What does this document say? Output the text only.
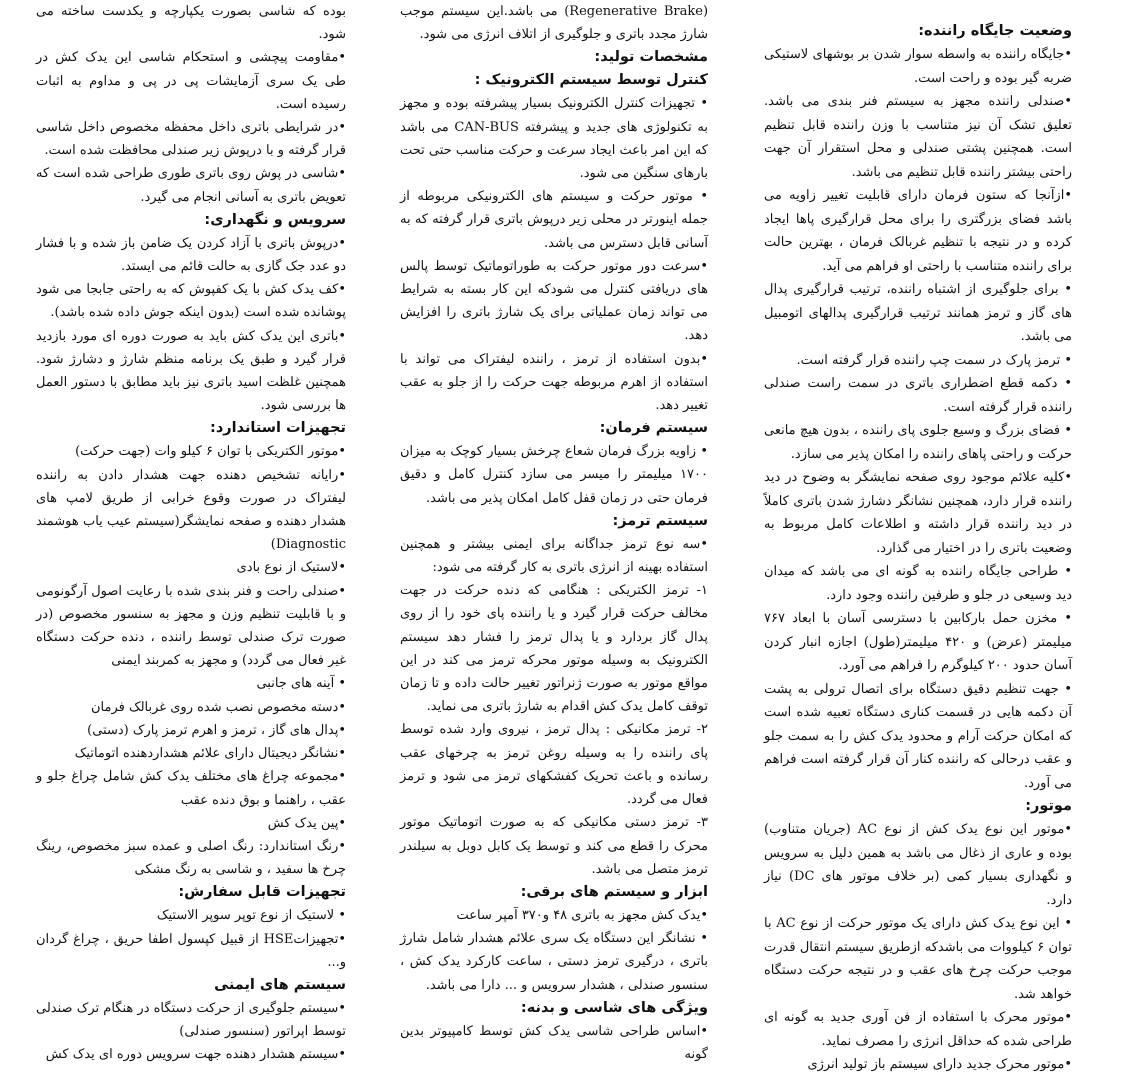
وضعیت جایگاه راننده:

•جایگاه راننده به واسطه سوار شدن بر بوشهای لاستیکی ضربه گیر بوده و راحت است.

•صندلی راننده مجهز به سیستم فنر بندی می باشد. تعلیق تشک آن نیز متناسب با وزن راننده قابل تنظیم است. همچنین پشتی صندلی و محل استقرار آن جهت راحتی بیشتر راننده قابل تنظیم می باشد.

•ازآنجا که ستون فرمان دارای قابلیت تغییر زاویه می باشد فضای بزرگتری را برای محل قرارگیری پاها ایجاد کرده و در نتیجه با تنظیم غربالک فرمان ، بهترین حالت برای راننده متناسب با راحتی او فراهم می آید.

• برای جلوگیری از اشتباه راننده، ترتیب قرارگیری پدال های گاز و ترمز همانند ترتیب قرارگیری پدالهای اتومبیل می باشد.

• ترمز پارک در سمت چپ راننده قرار گرفته است.

• دکمه قطع اضطراری باتری در سمت راست صندلی راننده قرار گرفته است.

• فضای بزرگ و وسیع جلوی پای راننده ، بدون هیچ مانعی حرکت و راحتی پاهای راننده را امکان پذیر می سازد.

•کلیه علائم موجود روی صفحه نمایشگر به وضوح در دید راننده قرار دارد، همچنین نشانگر دشارژ شدن باتری کاملاً در دید راننده قرار داشته و اطلاعات کامل مربوط به وضعیت باتری را در اختیار می گذارد.

• طراحی جایگاه راننده به گونه ای می باشد که میدان دید وسیعی در جلو و طرفین راننده وجود دارد.

• مخزن حمل بارکابین با دسترسی آسان با ابعاد ۷۶۷ میلیمتر (عرض) و ۴۲۰ میلیمتر(طول) اجازه انبار کردن آسان حدود ۲۰۰ کیلوگرم را فراهم می آورد.

• جهت تنظیم دقیق دستگاه برای اتصال ترولی به پشت آن دکمه هایی در قسمت کناری دستگاه تعبیه شده است که امکان حرکت آرام و محدود یدک کش را به سمت جلو و عقب درحالی که راننده کنار آن قرار گرفته است فراهم می آورد.

موتور:

•موتور این نوع یدک کش از نوع AC (جریان متناوب) بوده و عاری از ذغال می باشد به همین دلیل به سرویس و نگهداری بسیار کمی (بر خلاف موتور های DC) نیاز دارد.

• این نوع یدک کش دارای یک موتور حرکت از نوع AC با توان ۶ کیلووات می باشدکه ازطریق سیستم انتقال قدرت موجب حرکت چرخ های عقب و در نتیجه حرکت دستگاه خواهد شد.

•موتور محرک با استفاده از فن آوری جدید به گونه ای طراحی شده که حداقل انرژی را مصرف نماید.

•موتور محرک جدید دارای سیستم باز تولید انرژی

(Regenerative Brake) می باشد.این سیستم موجب شارژ مجدد باتری و جلوگیری از اتلاف انرژی می شود.

مشخصات تولید:

کنترل توسط سیستم الکترونیک :

• تجهیزات کنترل الکترونیک بسیار پیشرفته بوده و مجهز به تکنولوژی های جدید و پیشرفته CAN-BUS می باشد که این امر باعث ایجاد سرعت و حرکت مناسب حتی تحت بارهای سنگین می شود.

• موتور حرکت و سیستم های الکترونیکی مربوطه از جمله اینورتر در محلی زیر درپوش باتری قرار گرفته که به آسانی قابل دسترس می باشد.

•سرعت دور موتور حرکت به طوراتوماتیک توسط پالس های دریافتی کنترل می شودکه این کار بسته به شرایط می تواند زمان عملیاتی برای یک شارژ باتری را افزایش دهد.

•بدون استفاده از ترمز ، راننده لیفتراک می تواند با استفاده از اهرم مربوطه جهت حرکت را از جلو به عقب تغییر دهد.

سیستم فرمان:

• زاویه بزرگ فرمان شعاع چرخش بسیار کوچک به میزان ۱۷۰۰ میلیمتر را میسر می سازد کنترل کامل و دقیق فرمان حتی در زمان قفل کامل امکان پذیر می باشد.

سیستم ترمز:

•سه نوع ترمز جداگانه برای ایمنی بیشتر و همچنین استفاده بهینه از انرژی باتری به کار گرفته می شود:

۱- ترمز الکتریکی : هنگامی که دنده حرکت در جهت مخالف حرکت قرار گیرد و یا راننده پای خود را از روی پدال گاز بردارد و یا پدال ترمز را فشار دهد سیستم الکترونیک به وسیله موتور محرکه ترمز می کند در این مواقع موتور به صورت ژنراتور تغییر حالت داده و تا زمان توقف کامل یدک کش اقدام به شارژ باتری می نماید.

۲- ترمز مکانیکی : پدال ترمز ، نیروی وارد شده توسط پای راننده را به وسیله روغن ترمز به چرخهای عقب رسانده و باعث تحریک کفشکهای ترمز می شود و ترمز فعال می گردد.

۳- ترمز دستی مکانیکی که به صورت اتوماتیک موتور محرک را قطع می کند و توسط یک کابل دوبل به سیلندر ترمز متصل می باشد.

ابزار و سیستم های برقی:

•یدک کش مجهز به باتری ۴۸ و۳۷۰ آمپر ساعت

• نشانگر این دستگاه یک سری علائم هشدار شامل شارژ باتری ، درگیری ترمز دستی ، ساعت کارکرد یدک کش ، سنسور صندلی ، هشدار سرویس و ... دارا می باشد.

ویژگی های شاسی و بدنه:

•اساس طراحی شاسی یدک کش توسط کامپیوتر بدین گونه

بوده که شاسی بصورت یکپارچه و یکدست ساخته می شود.

•مقاومت پیچشی و استحکام شاسی این یدک کش در طی یک سری آزمایشات پی در پی و مداوم به اثبات رسیده است.

•در شرایطی باتری داخل محفظه مخصوص داخل شاسی قرار گرفته و با درپوش زیر صندلی محافظت شده است.

•شاسی در پوش روی باتری طوری طراحی شده است که تعویض باتری به آسانی انجام می گیرد.

سرویس و نگهداری:

•درپوش باتری با آزاد کردن یک ضامن باز شده و با فشار دو عدد جک گازی به حالت قائم می ایستد.

•کف یدک کش با یک کفپوش که به راحتی جابجا می شود پوشانده شده است (بدون اینکه جوش داده شده باشد).

•باتری این یدک کش باید به صورت دوره ای مورد بازدید قرار گیرد و طبق یک برنامه منظم شارژ و دشارژ شود. همچنین غلظت اسید باتری نیز باید مطابق با دستور العمل ها بررسی شود.

تجهیزات استاندارد:

•موتور الکتریکی با توان ۶ کیلو وات (جهت حرکت)

•رایانه تشخیص دهنده جهت هشدار دادن به راننده لیفتراک در صورت وقوع خرابی از طریق لامپ های هشدار دهنده و صفحه نمایشگر(سیستم عیب یاب هوشمند Diagnostic)

•لاستیک از نوع بادی

•صندلی راحت و فنر بندی شده با رعایت اصول آرگونومی و با قابلیت تنظیم وزن و مجهز به سنسور مخصوص (در صورت ترک صندلی توسط راننده ، دنده حرکت دستگاه غیر فعال می گردد) و مجهز به کمربند ایمنی

• آینه های جانبی

•دسته مخصوص نصب شده روی غربالک فرمان

•پدال های گاز ، ترمز و اهرم ترمز پارک (دستی)

•نشانگر دیجیتال دارای علائم هشداردهنده اتوماتیک

•مجموعه چراغ های مختلف یدک کش شامل چراغ جلو و عقب ، راهنما و بوق دنده عقب

•پین یدک کش

•رنگ استاندارد: رنگ اصلی و عمده سبز مخصوص، رینگ چرخ ها سفید ، و شاسی به رنگ مشکی

تجهیزات قابل سفارش:

• لاستیک از نوع توپر سوپر الاستیک

•تجهیزاتHSE از قبیل کپسول اطفا حریق ، چراغ گردان و...

سیستم های ایمنی

•سیستم جلوگیری از حرکت دستگاه در هنگام ترک صندلی توسط اپراتور (سنسور صندلی)

•سیستم هشدار دهنده جهت سرویس دوره ای یدک کش
